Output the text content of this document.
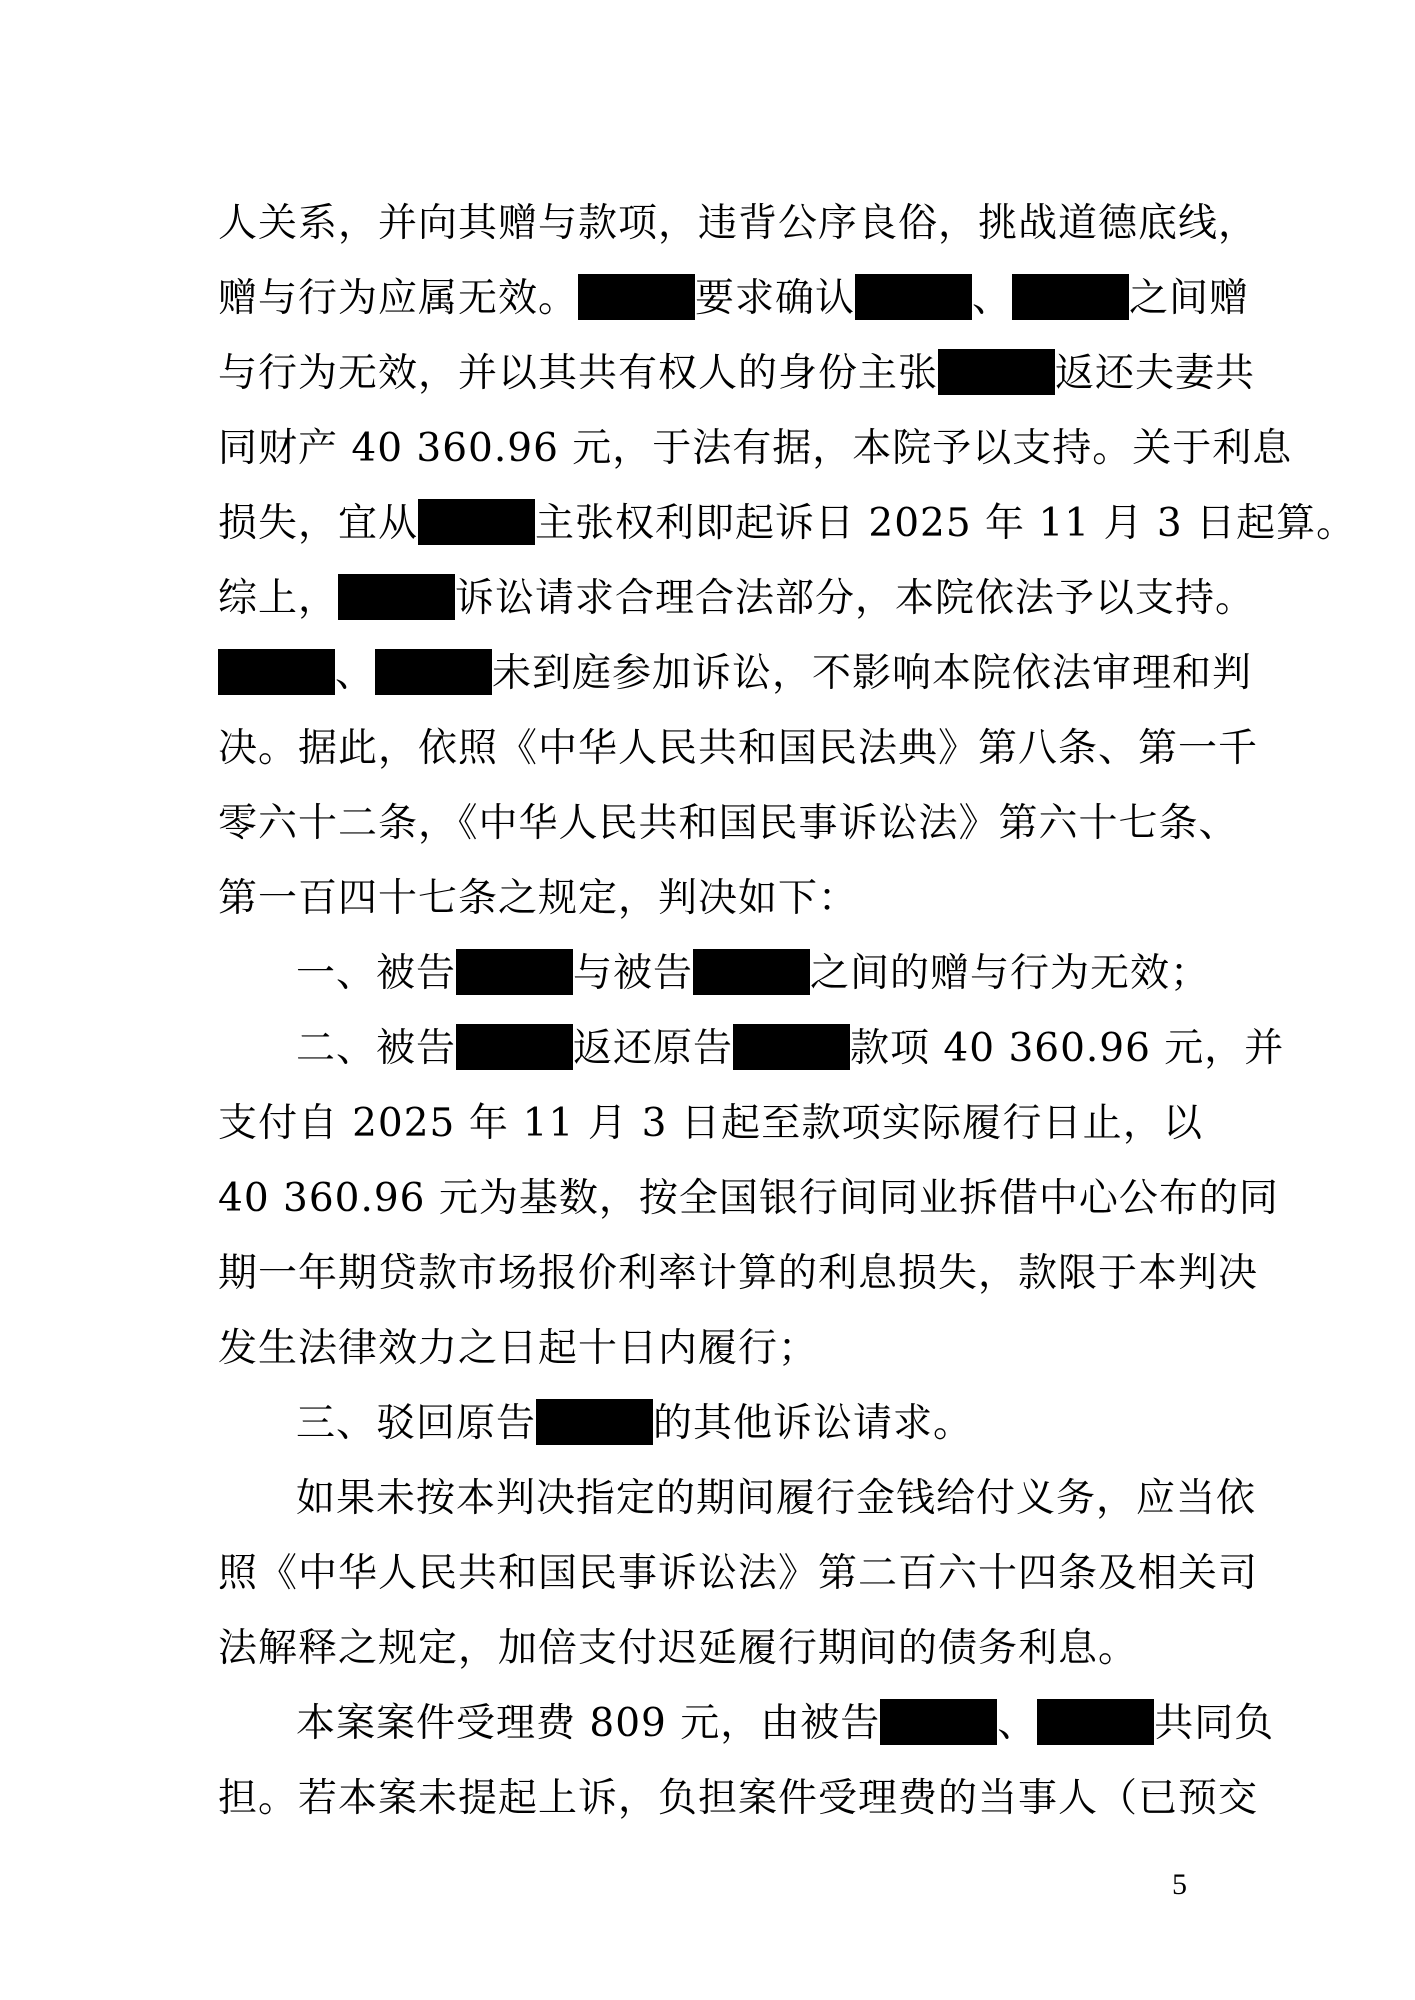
人关系，并向其赠与款项，违背公序良俗，挑战道德底线，
赠与行为应属无效。	要求确认	、	之间赠
与行为无效，并以其共有权人的身份主张	返还夫妻共
同财产 40 360.96 元，于法有据，本院予以支持。关于利息
损失，宜从	主张权利即起诉日 2025 年 11 月 3 日起算。
综上，	诉讼请求合理合法部分，本院依法予以支持。
、	未到庭参加诉讼，不影响本院依法审理和判
决。据此，依照《中华人民共和国民法典》第八条、第一千
零六十二条，《中华人民共和国民事诉讼法》第六十七条、
第一百四十七条之规定，判决如下：
一、被告	与被告	之间的赠与行为无效；
二、被告	返还原告	款项 40 360.96 元，并
支付自 2025 年 11 月 3 日起至款项实际履行日止，以
40 360.96 元为基数，按全国银行间同业拆借中心公布的同
期一年期贷款市场报价利率计算的利息损失，款限于本判决
发生法律效力之日起十日内履行；
三、驳回原告	的其他诉讼请求。
如果未按本判决指定的期间履行金钱给付义务，应当依
照《中华人民共和国民事诉讼法》第二百六十四条及相关司
法解释之规定，加倍支付迟延履行期间的债务利息。
本案案件受理费 809 元，由被告	、	共同负
担。若本案未提起上诉，负担案件受理费的当事人（已预交
5
